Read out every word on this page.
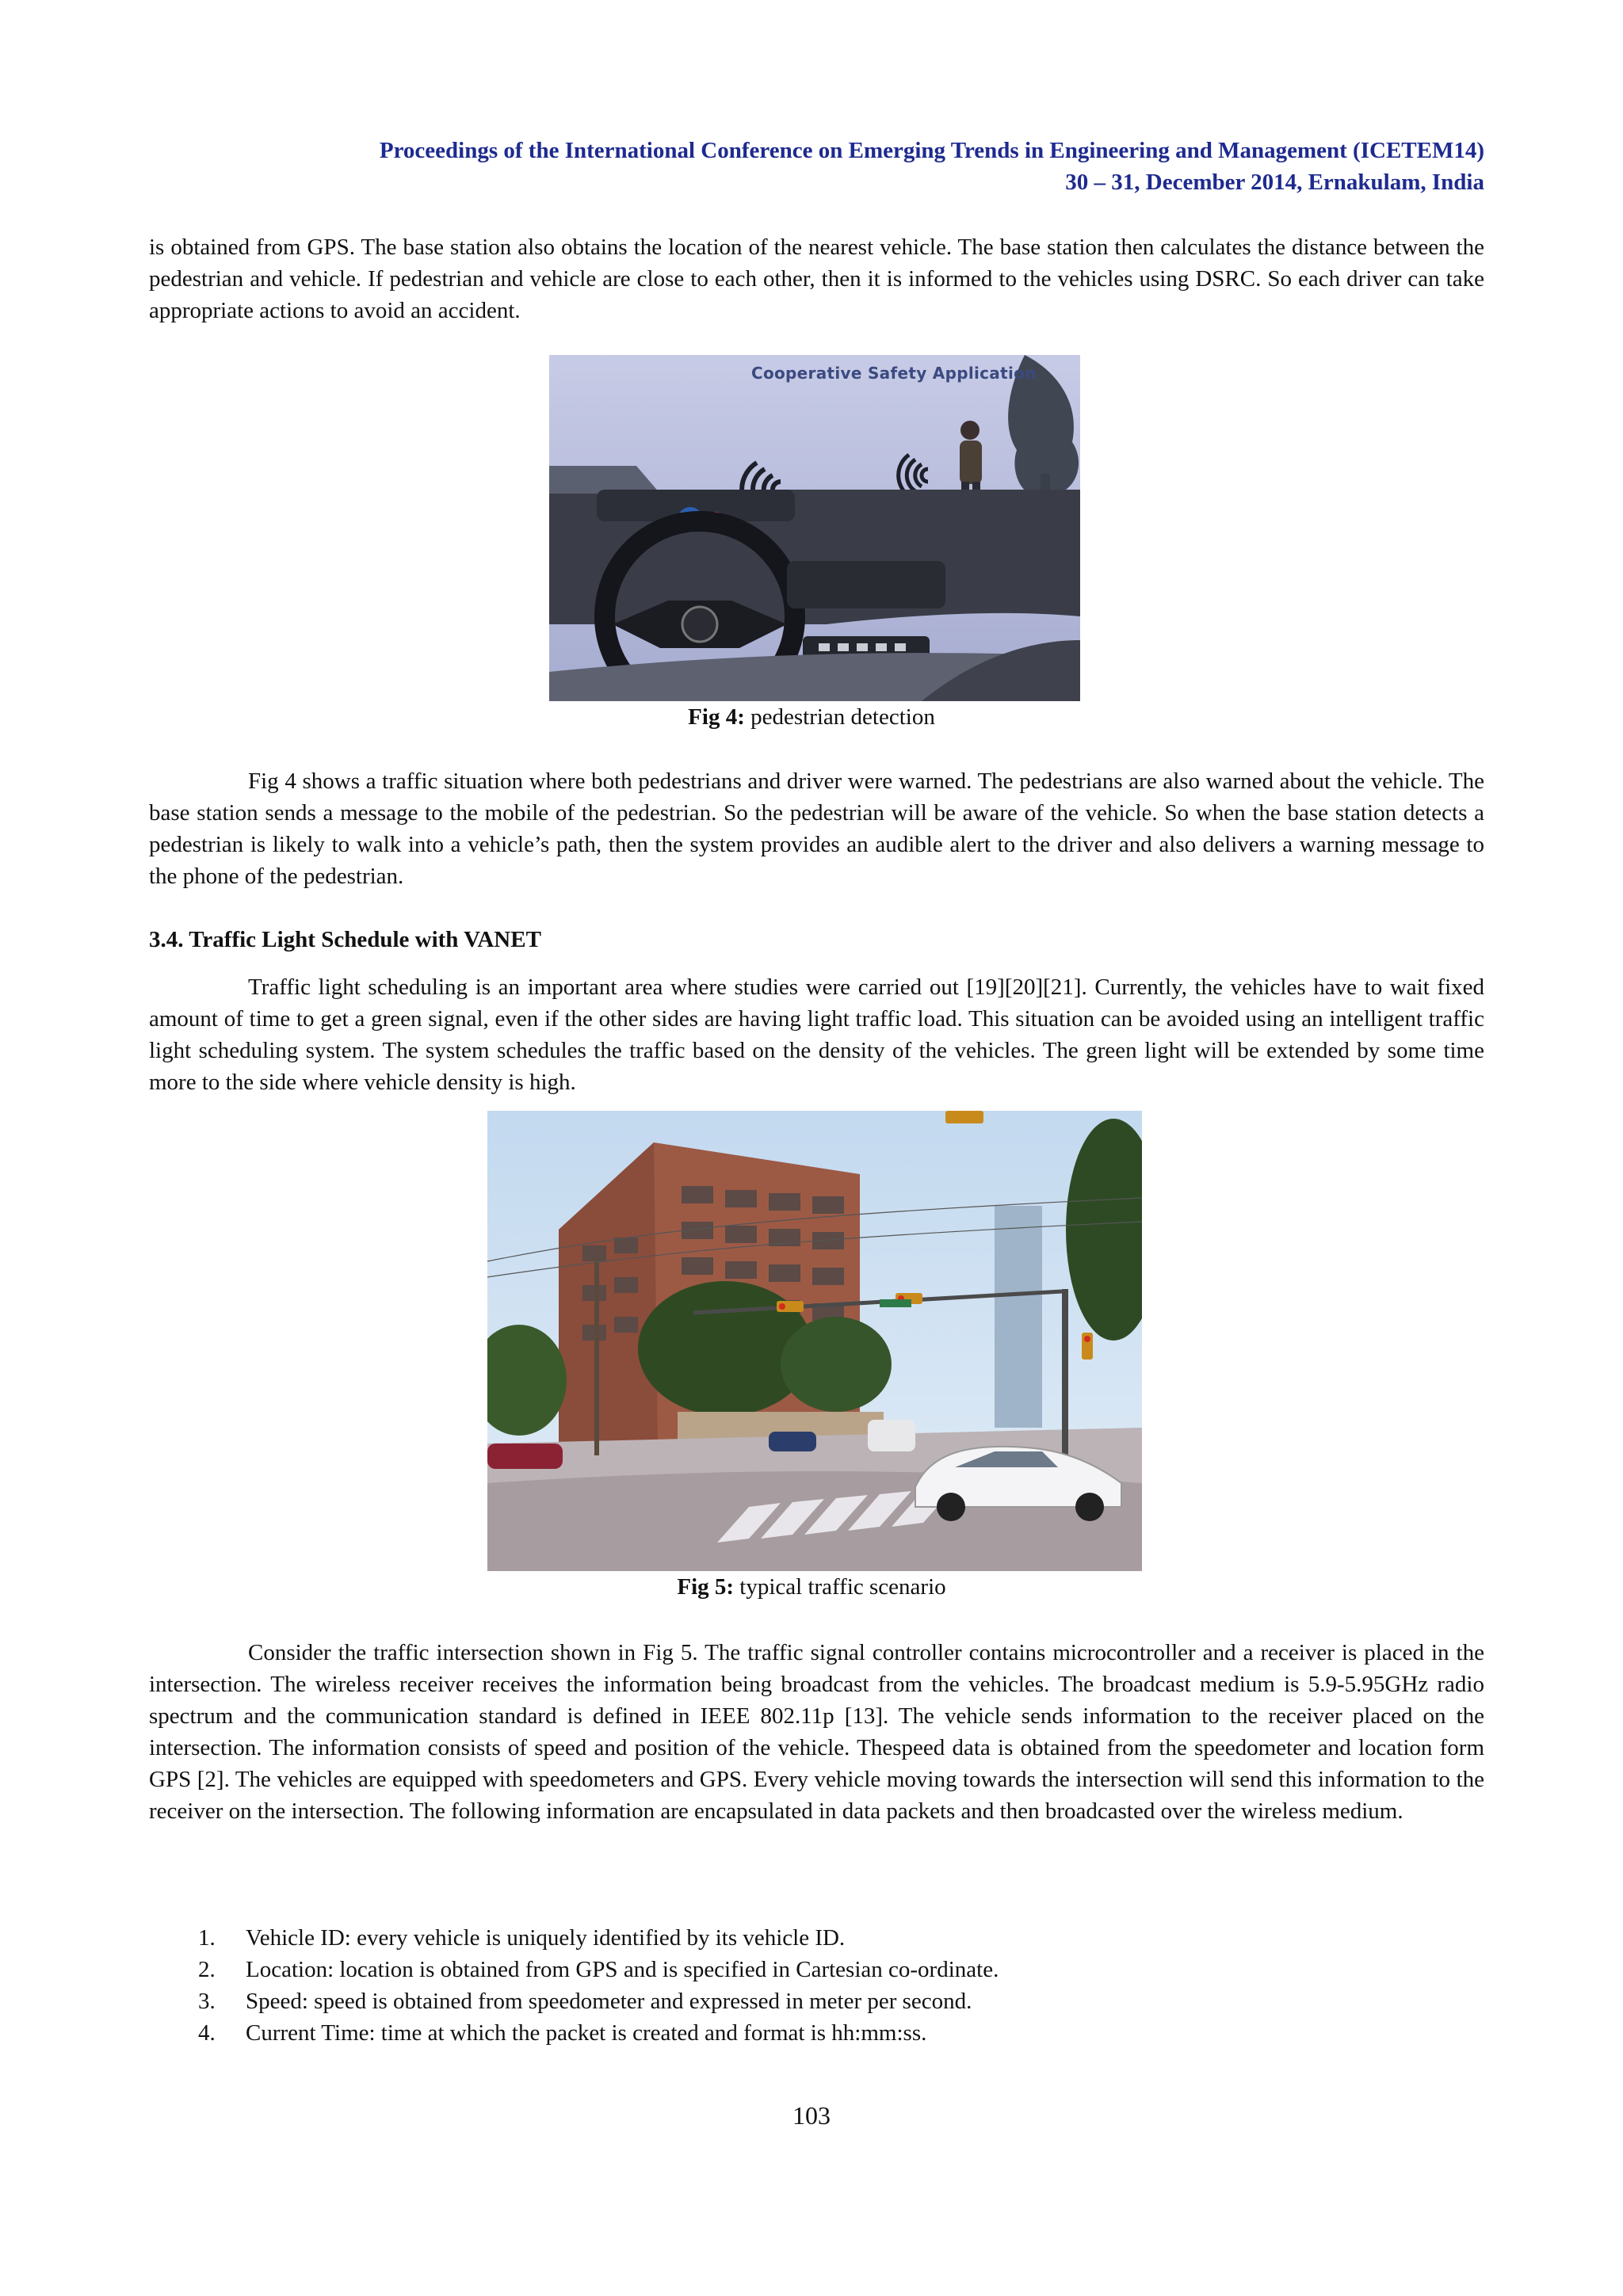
Proceedings of the International Conference on Emerging Trends in Engineering and Management (ICETEM14)
30 – 31, December 2014, Ernakulam, India
is obtained from GPS. The base station also obtains the location of the nearest vehicle. The base station then calculates the distance between the pedestrian and vehicle. If pedestrian and vehicle are close to each other, then it is informed to the vehicles using DSRC. So each driver can take appropriate actions to avoid an accident.
Cooperative Safety Application
Fig 4: pedestrian detection
Fig 4 shows a traffic situation where both pedestrians and driver were warned. The pedestrians are also warned about the vehicle. The base station sends a message to the mobile of the pedestrian. So the pedestrian will be aware of the vehicle. So when the base station detects a pedestrian is likely to walk into a vehicle’s path, then the system provides an audible alert to the driver and also delivers a warning message to the phone of the pedestrian.
3.4. Traffic Light Schedule with VANET
Traffic light scheduling is an important area where studies were carried out [19][20][21]. Currently, the vehicles have to wait fixed amount of time to get a green signal, even if the other sides are having light traffic load. This situation can be avoided using an intelligent traffic light scheduling system. The system schedules the traffic based on the density of the vehicles. The green light will be extended by some time more to the side where vehicle density is high.
Fig 5: typical traffic scenario
Consider the traffic intersection shown in Fig 5. The traffic signal controller contains microcontroller and a receiver is placed in the intersection. The wireless receiver receives the information being broadcast from the vehicles. The broadcast medium is 5.9-5.95GHz radio spectrum and the communication standard is defined in IEEE 802.11p [13]. The vehicle sends information to the receiver placed on the intersection. The information consists of speed and position of the vehicle. Thespeed data is obtained from the speedometer and location form GPS [2]. The vehicles are equipped with speedometers and GPS. Every vehicle moving towards the intersection will send this information to the receiver on the intersection. The following information are encapsulated in data packets and then broadcasted over the wireless medium.
1. Vehicle ID: every vehicle is uniquely identified by its vehicle ID.
2. Location: location is obtained from GPS and is specified in Cartesian co-ordinate.
3. Speed: speed is obtained from speedometer and expressed in meter per second.
4. Current Time: time at which the packet is created and format is hh:mm:ss.
103
